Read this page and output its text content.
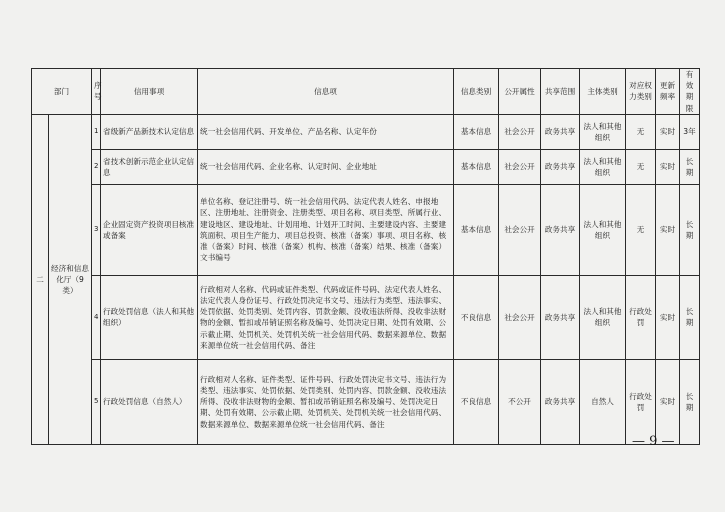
部门		序号	信用事项	信息项	信息类别	公开属性	共享范围	主体类别	对应权力类别	更新频率	有效期限
二	经济和信息化厅（9类）	1	省级新产品新技术认定信息	统一社会信用代码、开发单位、产品名称、认定年份	基本信息	社会公开	政务共享	法人和其他组织	无	实时	3年
		2	省技术创新示范企业认定信息	统一社会信用代码、企业名称、认定时间、企业地址	基本信息	社会公开	政务共享	法人和其他组织	无	实时	长期
		3	企业固定资产投资项目核准或备案	单位名称、登记注册号、统一社会信用代码、法定代表人姓名、申报地区、注册地址、注册资金、注册类型、项目名称、项目类型、所属行业、建设地区、建设地址、计划用地、计划开工时间、主要建设内容、主要建筑面积、项目生产能力、项目总投资、核准（备案）事项、项目名称、核准（备案）时间、核准（备案）机构、核准（备案）结果、核准（备案）文书编号	基本信息	社会公开	政务共享	法人和其他组织	无	实时	长期
		4	行政处罚信息（法人和其他组织）	行政相对人名称、代码或证件类型、代码或证件号码、法定代表人姓名、法定代表人身份证号、行政处罚决定书文号、违法行为类型、违法事实、处罚依据、处罚类别、处罚内容、罚款金额、没收违法所得、没收非法财物的金额、暂扣或吊销证照名称及编号、处罚决定日期、处罚有效期、公示截止期、处罚机关、处罚机关统一社会信用代码、数据来源单位、数据来源单位统一社会信用代码、备注	不良信息	社会公开	政务共享	法人和其他组织	行政处罚	实时	长期
		5	行政处罚信息（自然人）	行政相对人名称、证件类型、证件号码、行政处罚决定书文号、违法行为类型、违法事实、处罚依据、处罚类别、处罚内容、罚款金额、没收违法所得、没收非法财物的金额、暂扣或吊销证照名称及编号、处罚决定日期、处罚有效期、公示截止期、处罚机关、处罚机关统一社会信用代码、数据来源单位、数据来源单位统一社会信用代码、备注	不良信息	不公开	政务共享	自然人	行政处罚	实时	长期
— 9 —
